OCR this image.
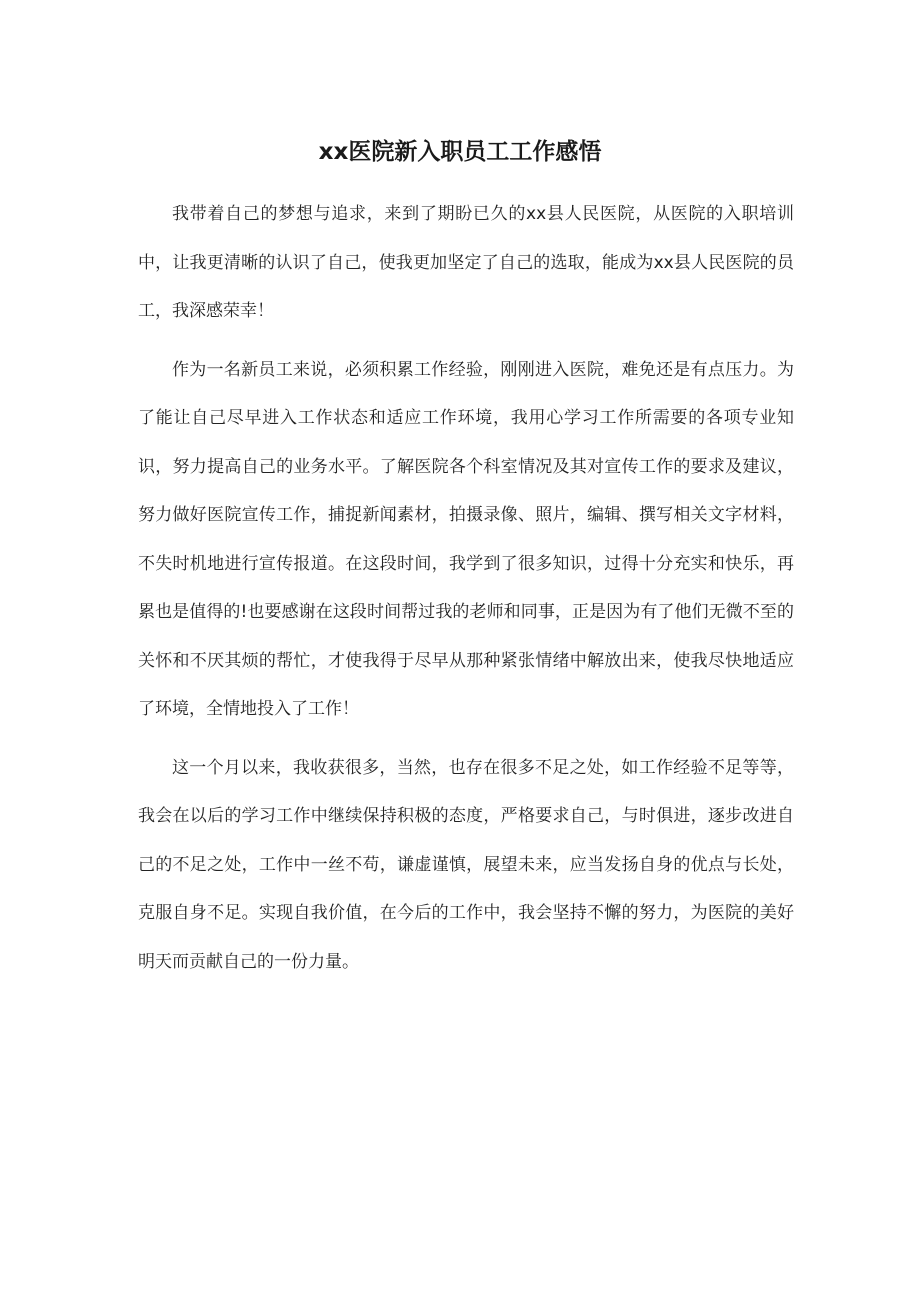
xx医院新入职员工工作感悟

我带着自己的梦想与追求，来到了期盼已久的xx县人民医院，从医院的入职培训中，让我更清晰的认识了自己，使我更加坚定了自己的选取，能成为xx县人民医院的员工，我深感荣幸！

作为一名新员工来说，必须积累工作经验，刚刚进入医院，难免还是有点压力。为了能让自己尽早进入工作状态和适应工作环境，我用心学习工作所需要的各项专业知识，努力提高自己的业务水平。了解医院各个科室情况及其对宣传工作的要求及建议，努力做好医院宣传工作，捕捉新闻素材，拍摄录像、照片，编辑、撰写相关文字材料，不失时机地进行宣传报道。在这段时间，我学到了很多知识，过得十分充实和快乐，再累也是值得的!也要感谢在这段时间帮过我的老师和同事，正是因为有了他们无微不至的关怀和不厌其烦的帮忙，才使我得于尽早从那种紧张情绪中解放出来，使我尽快地适应了环境，全情地投入了工作！

这一个月以来，我收获很多，当然，也存在很多不足之处，如工作经验不足等等，我会在以后的学习工作中继续保持积极的态度，严格要求自己，与时俱进，逐步改进自己的不足之处，工作中一丝不苟，谦虚谨慎，展望未来，应当发扬自身的优点与长处，克服自身不足。实现自我价值，在今后的工作中，我会坚持不懈的努力，为医院的美好明天而贡献自己的一份力量。
